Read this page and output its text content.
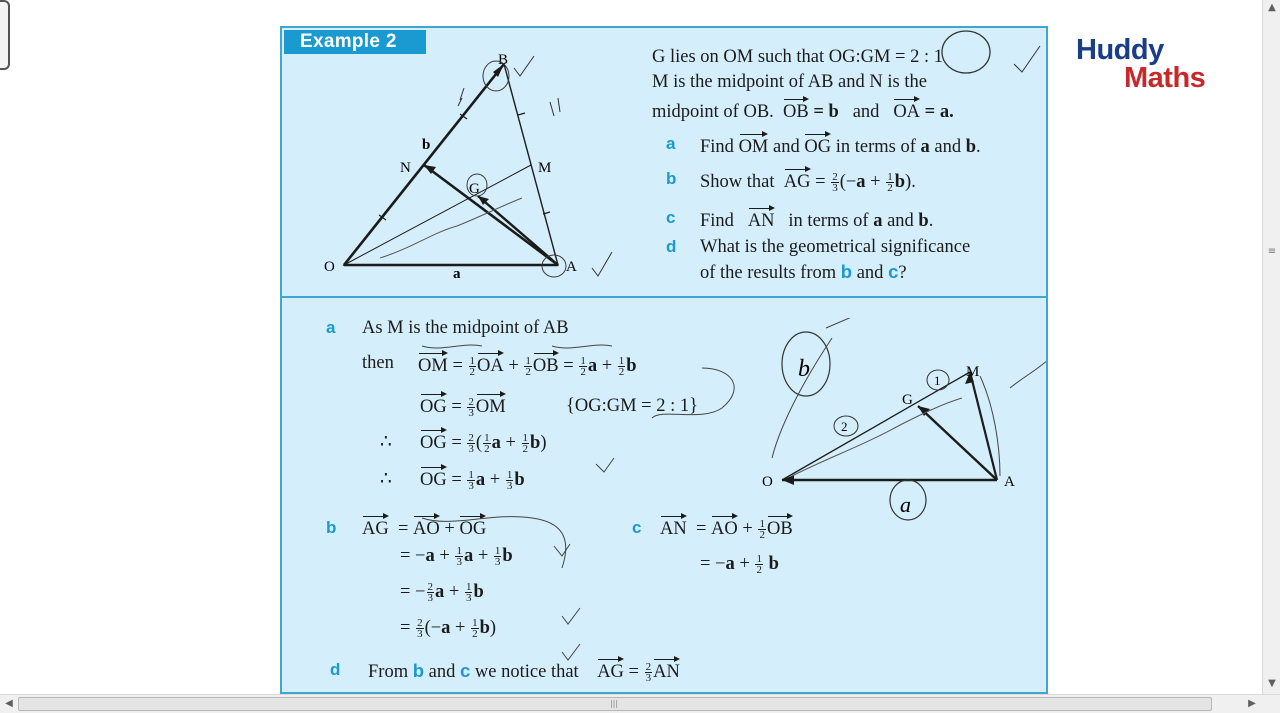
Example 2
B
M
N
G
O	A
b
a
G lies on OM such that OG:GM = 2 : 1
M is the midpoint of AB and N is the
midpoint of OB. OB = b and OA = a.
a Find OM and OG in terms of a and b.
b Show that  AG = $\frac{2}{3} (-a + \frac{1}{2} b)$.
c Find   AN   in terms of a and b.
d What is the geometrical significance
of the results from b and c?
a As M is the midpoint of AB
then OM = $\frac{1}{2}$ OA + $\frac{1}{2}$ OB = $\frac{1}{2}$ $a + \frac{1}{2}$ b
OG = $\frac{2}{3}$ OM	{OG:GM = 2 : 1}
∴ OG = $\frac{2}{3}$ ( $\frac{1}{2}$ $a + \frac{1}{2} b$)
∴ OG = $\frac{1}{3}$ $a + \frac{1}{3}$ b
b AG  = AO + OG
= $-a + \frac{1}{3}$ $a + \frac{1}{3}$ b
= − $\frac{2}{3}$ $a + \frac{1}{3}$ b
= $\frac{2}{3} (-a + \frac{1}{2} b)$
c AN  = AO + $\frac{1}{2}$ OB
= $-a + \frac{1}{2}$ b
d From b and c we notice that AG = $\frac{2}{3}$ AN
O	A
M
G
1
2
b
a
Huddy
Maths
▲
≡
▼
◀	|||	▶
